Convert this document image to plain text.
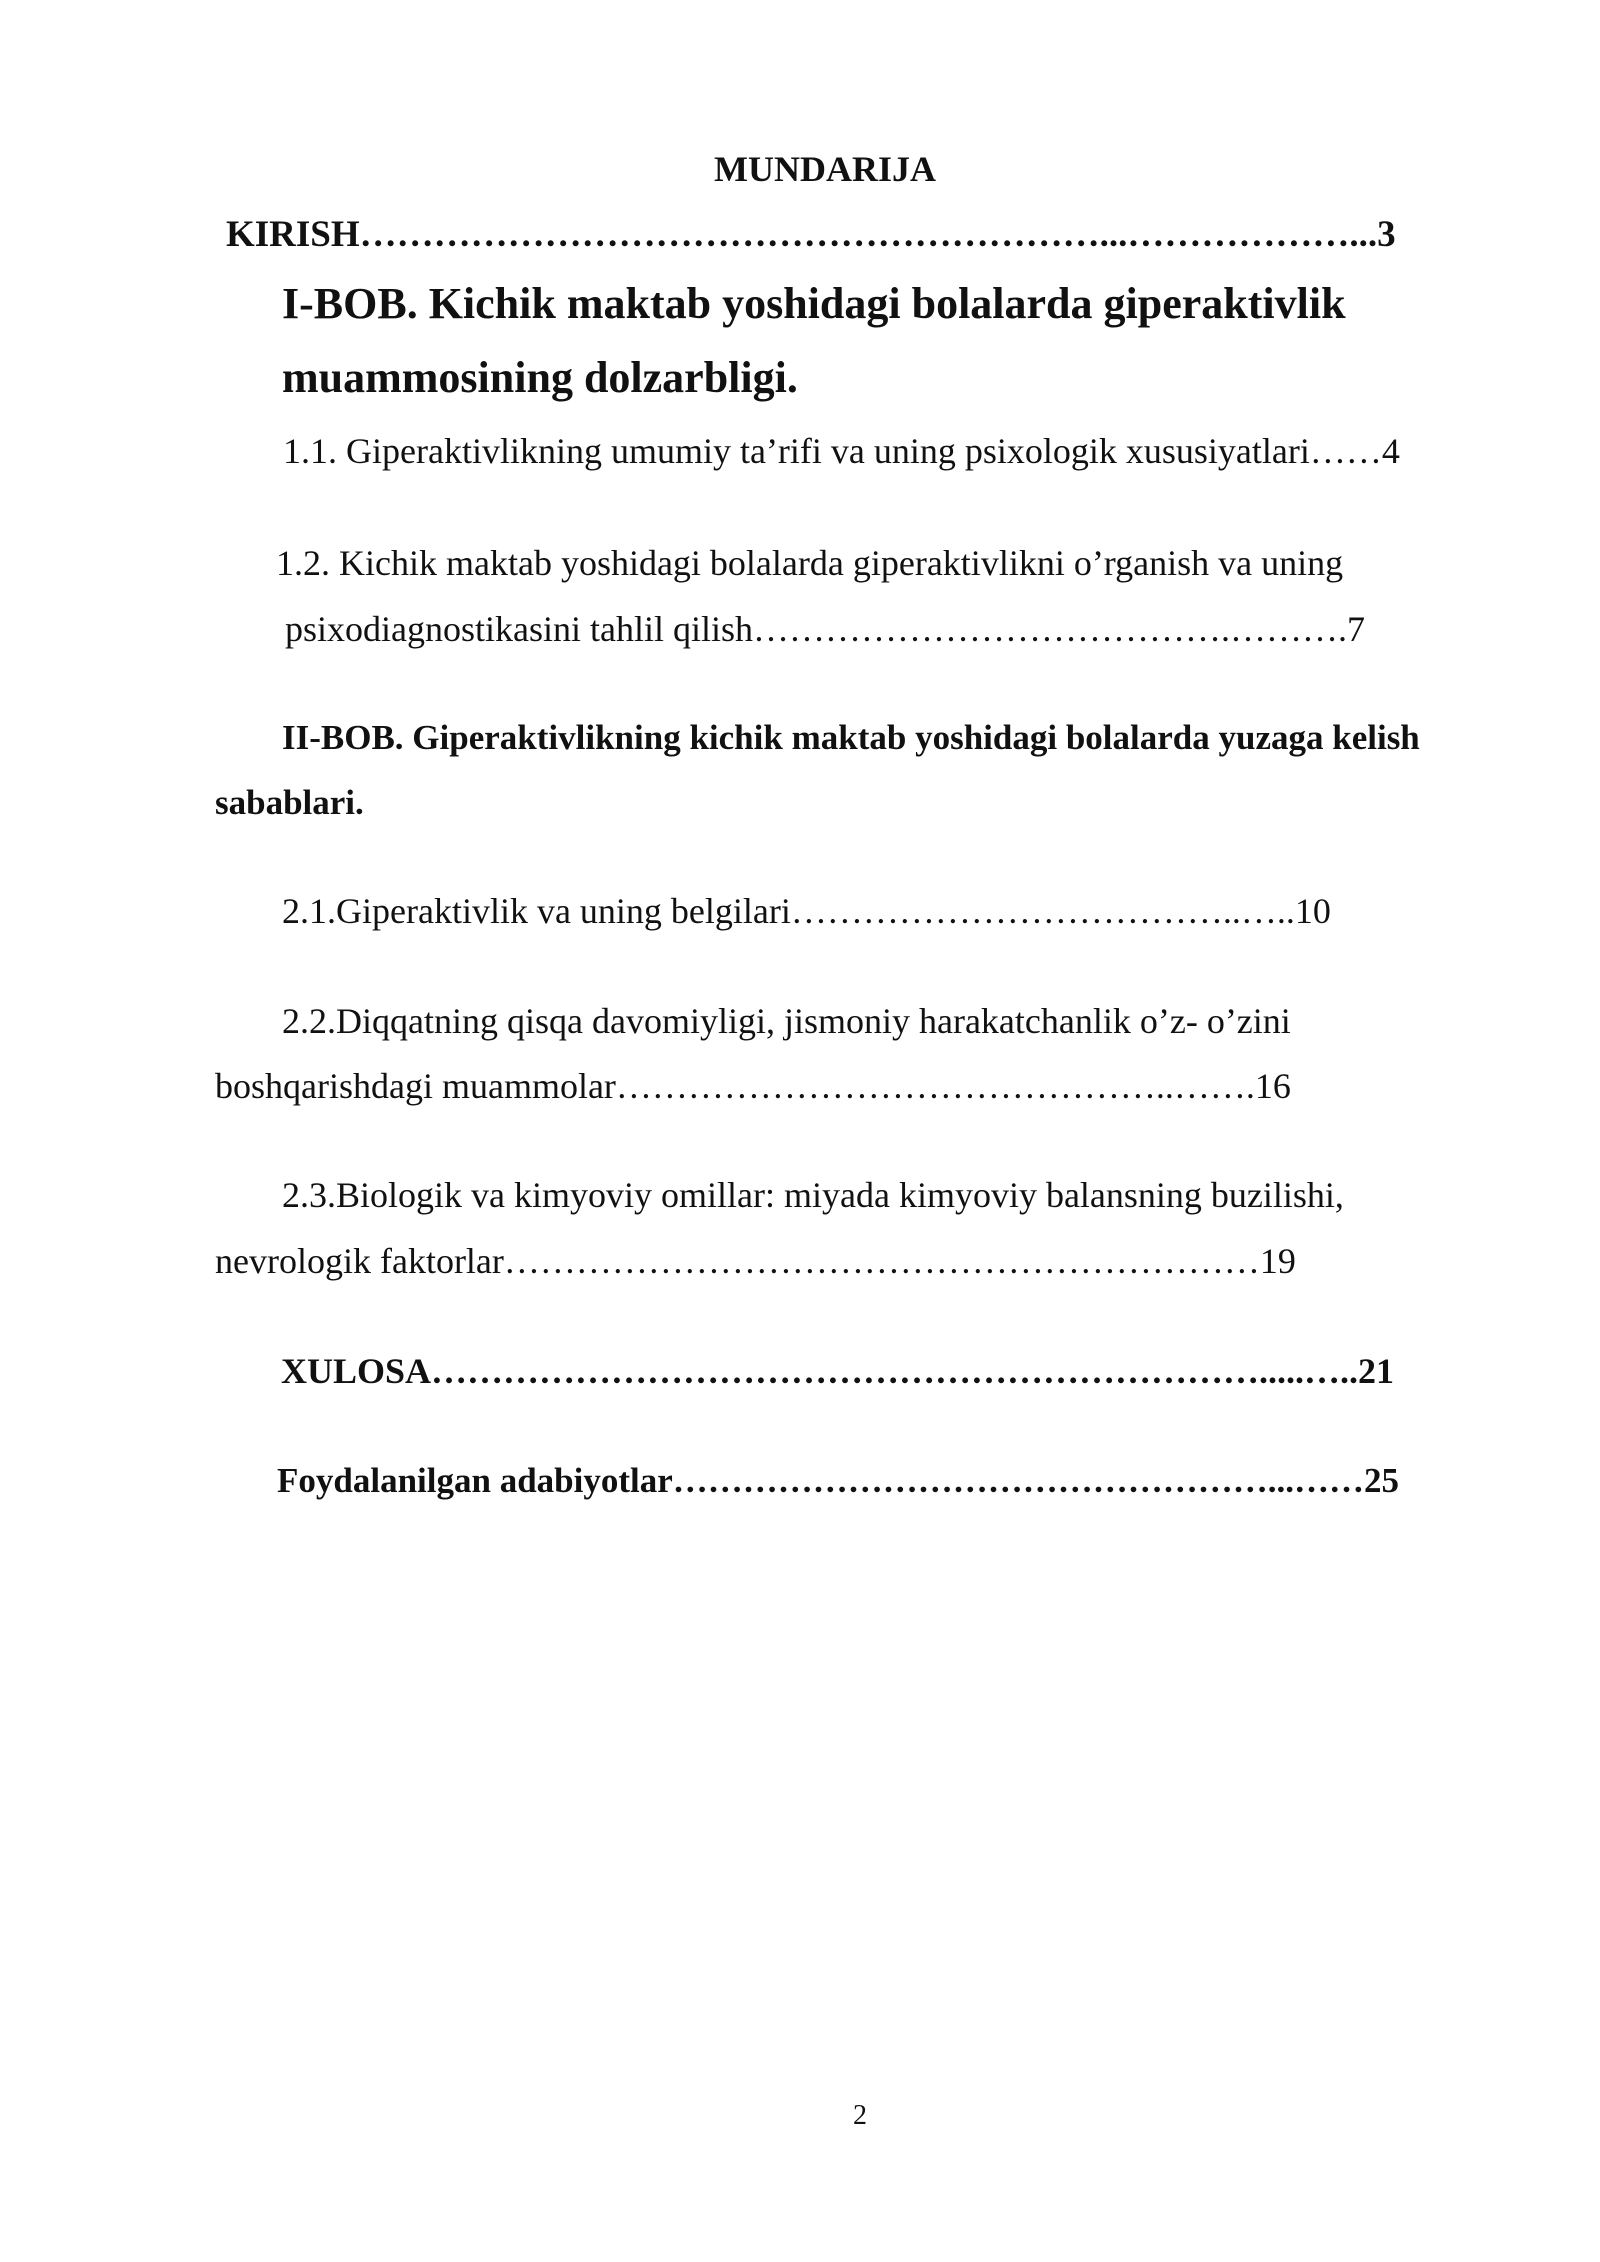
MUNDARIJA

KIRISH……………………………………………………...………………...3

I-BOB. Kichik maktab yoshidagi bolalarda giperaktivlik

muammosining dolzarbligi.

1.1. Giperaktivlikning umumiy ta’rifi va uning psixologik xususiyatlari……4

1.2. Kichik maktab yoshidagi bolalarda giperaktivlikni o’rganish va uning

psixodiagnostikasini tahlil qilish………………………………….……….7

II-BOB. Giperaktivlikning kichik maktab yoshidagi bolalarda yuzaga kelish

sabablari.

2.1.Giperaktivlik va uning belgilari………………………………..…..10

2.2.Diqqatning qisqa davomiyligi, jismoniy harakatchanlik o’z- o’zini

boshqarishdagi muammolar………………………………………..…….16

2.3.Biologik va kimyoviy omillar: miyada kimyoviy balansning buzilishi,

nevrologik faktorlar………………………………………………………19

XULOSA…………………………………………………………….....…..21

Foydalanilgan adabiyotlar……………………………………………...……25

2
